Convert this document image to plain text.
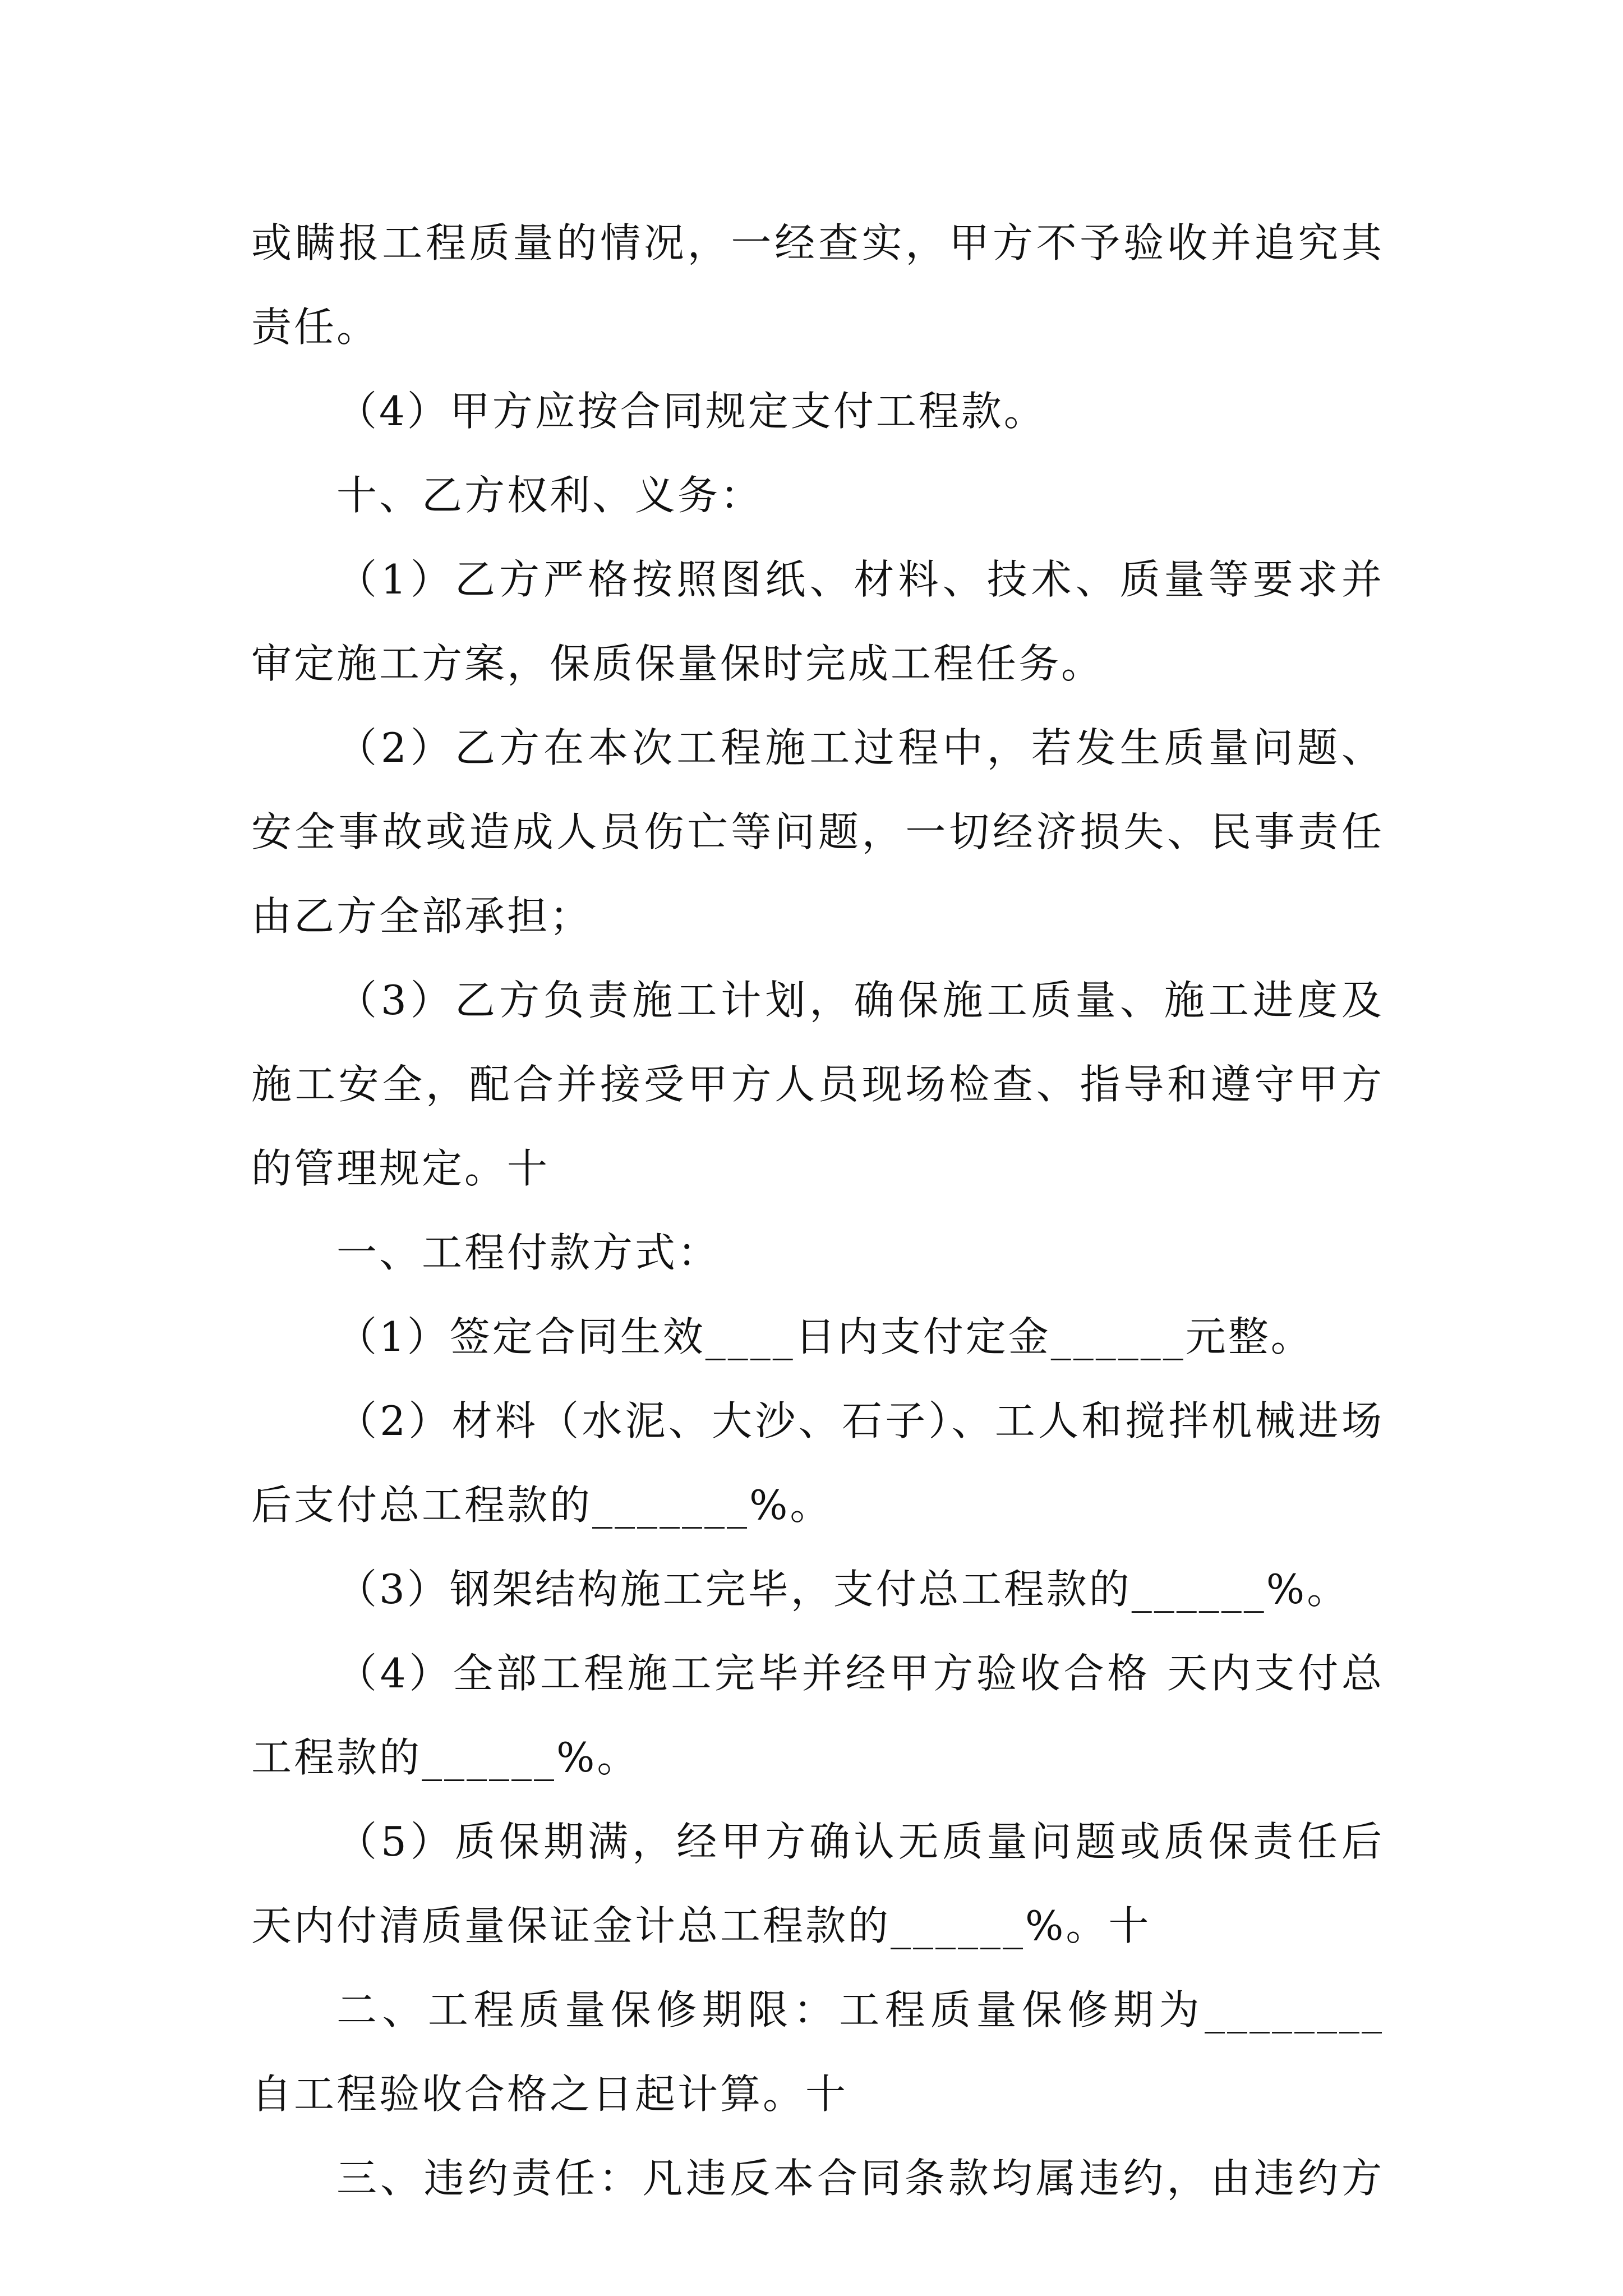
或瞒报工程质量的情况，一经查实，甲方不予验收并追究其
责任。
（4）甲方应按合同规定支付工程款。
十、乙方权利、义务：
（1）乙方严格按照图纸、材料、技术、质量等要求并
审定施工方案，保质保量保时完成工程任务。
（2）乙方在本次工程施工过程中，若发生质量问题、
安全事故或造成人员伤亡等问题，一切经济损失、民事责任
由乙方全部承担；
（3）乙方负责施工计划，确保施工质量、施工进度及
施工安全，配合并接受甲方人员现场检查、指导和遵守甲方
的管理规定。十
一、工程付款方式：
（1）签定合同生效____日内支付定金______元整。
（2）材料（水泥、大沙、石子）、工人和搅拌机械进场
后支付总工程款的_______%。
（3）钢架结构施工完毕，支付总工程款的______%。
（4）全部工程施工完毕并经甲方验收合格 天内支付总
工程款的______%。
（5）质保期满，经甲方确认无质量问题或质保责任后
天内付清质量保证金计总工程款的______%。十
二、工程质量保修期限：工程质量保修期为________
自工程验收合格之日起计算。十
三、违约责任：凡违反本合同条款均属违约，由违约方
